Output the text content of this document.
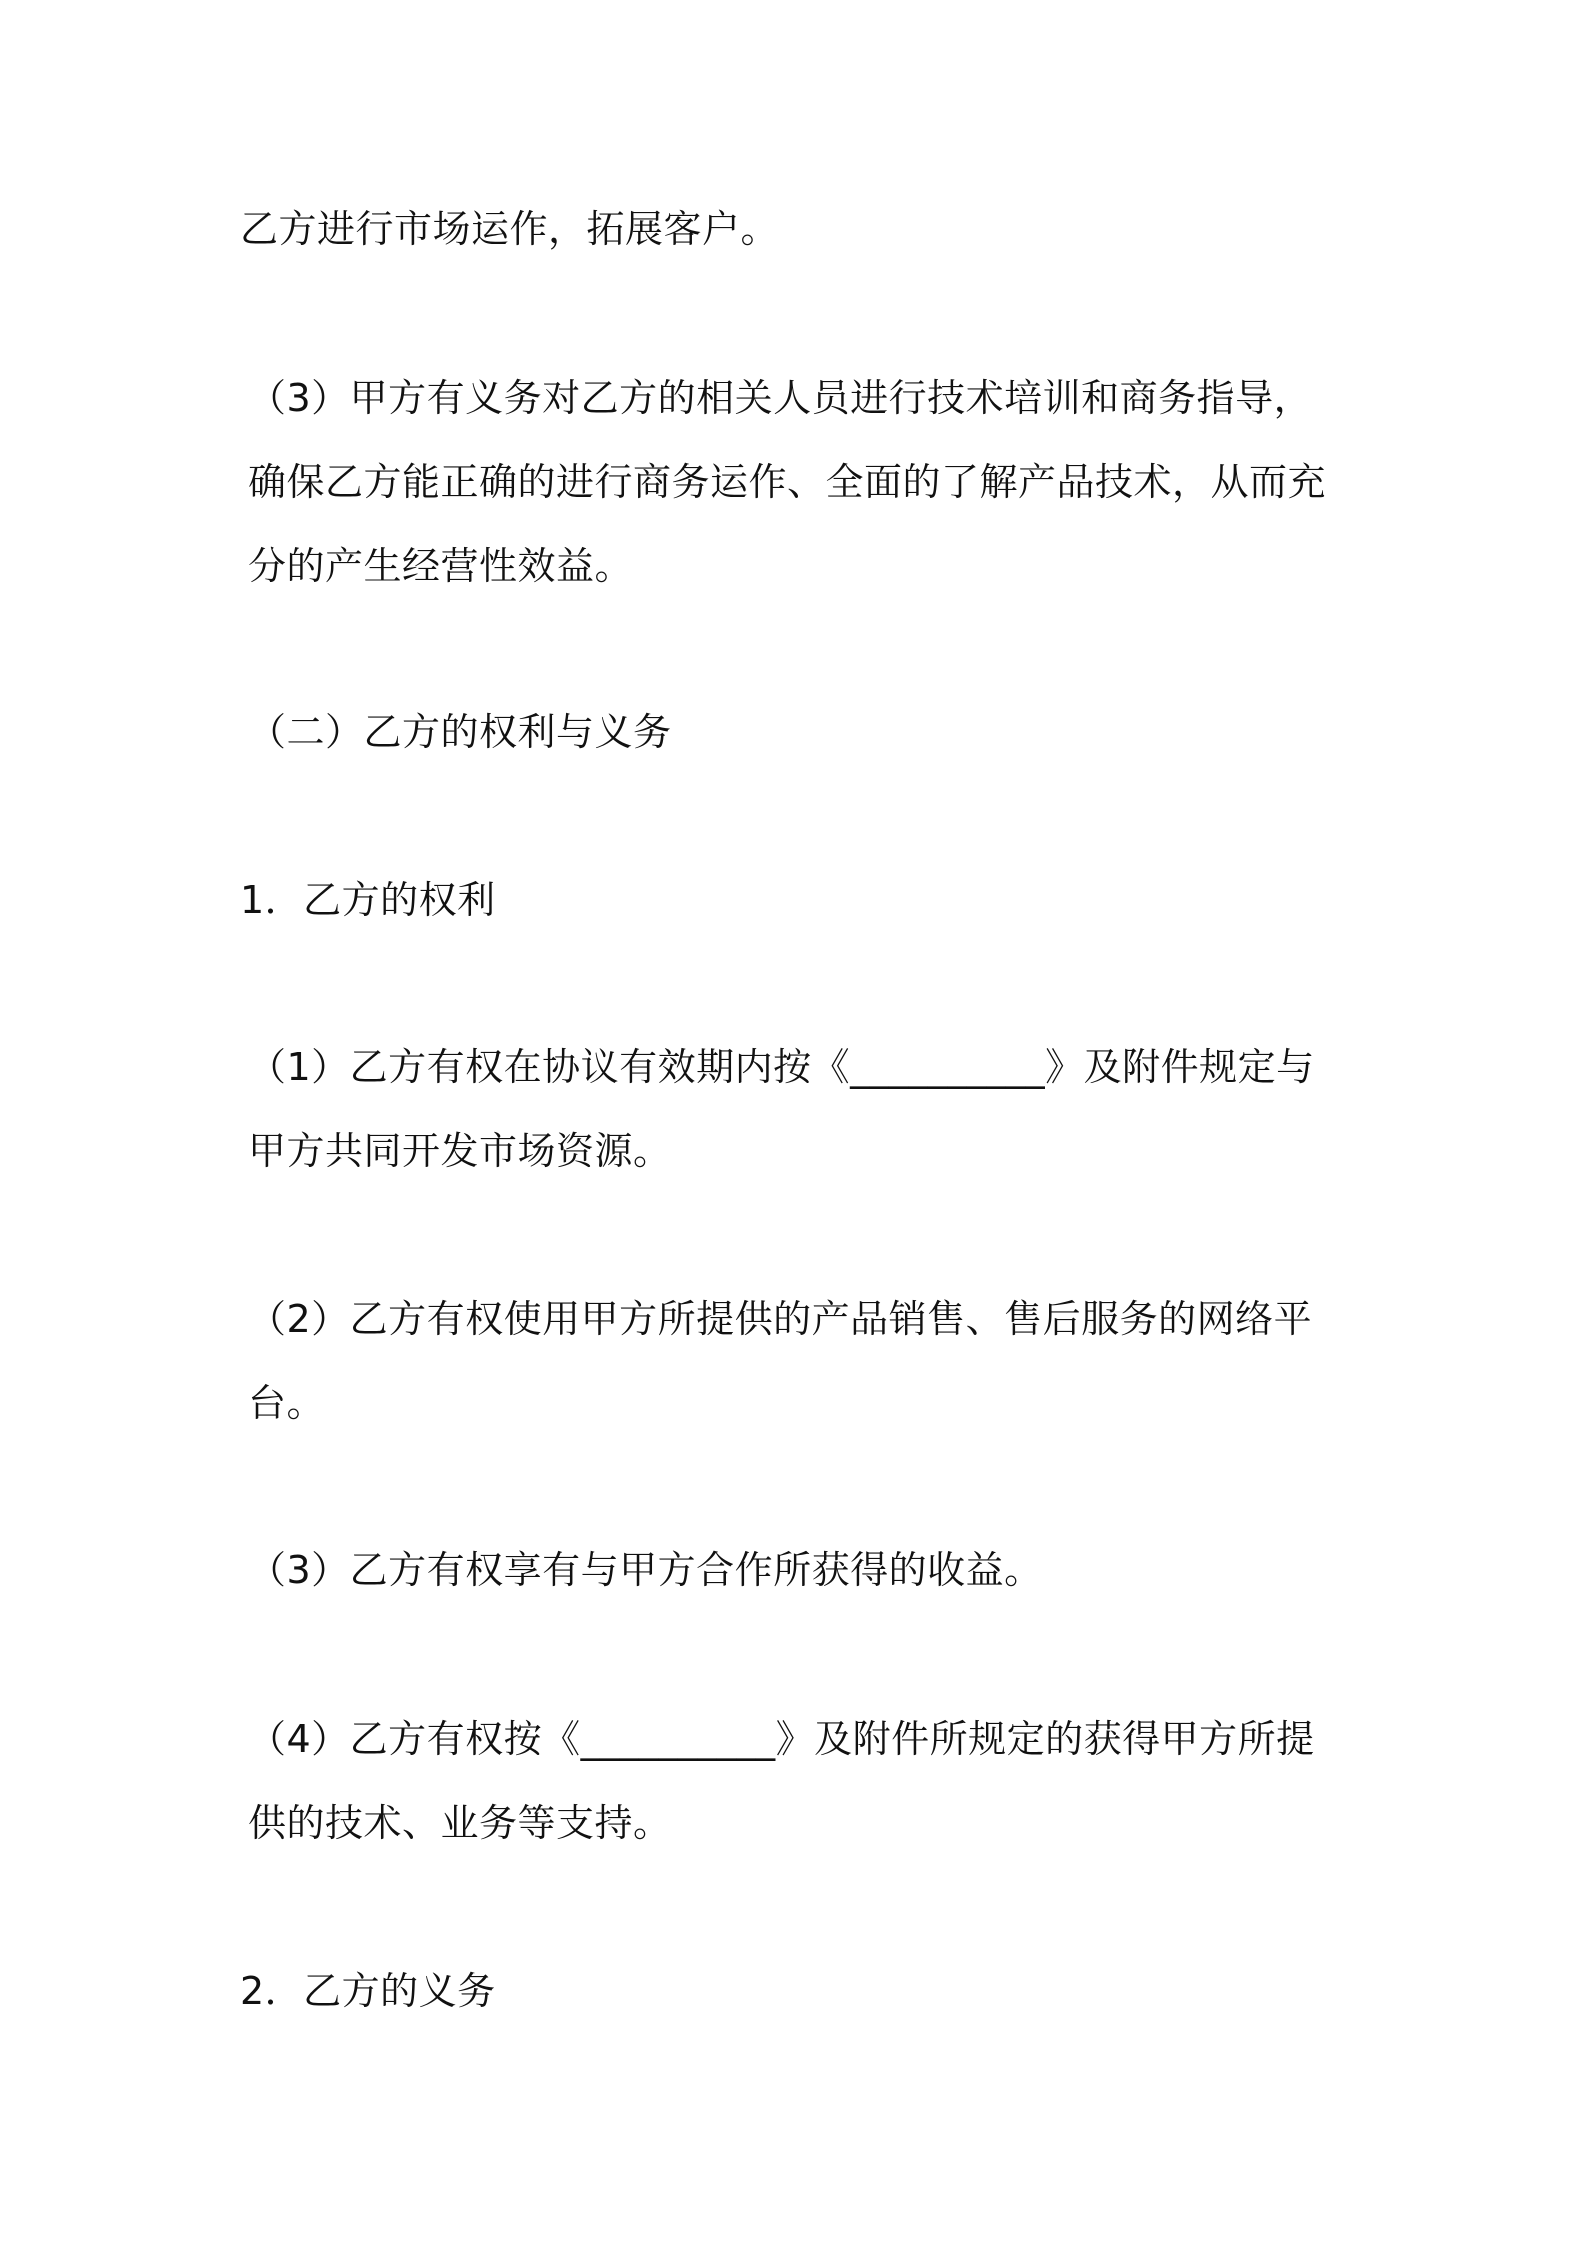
乙方进行市场运作，拓展客户。
（3）甲方有义务对乙方的相关人员进行技术培训和商务指导，
确保乙方能正确的进行商务运作、全面的了解产品技术，从而充
分的产生经营性效益。
（二）乙方的权利与义务
1．乙方的权利
（1）乙方有权在协议有效期内按《__________》及附件规定与
甲方共同开发市场资源。
（2）乙方有权使用甲方所提供的产品销售、售后服务的网络平
台。
（3）乙方有权享有与甲方合作所获得的收益。
（4）乙方有权按《__________》及附件所规定的获得甲方所提
供的技术、业务等支持。
2．乙方的义务
